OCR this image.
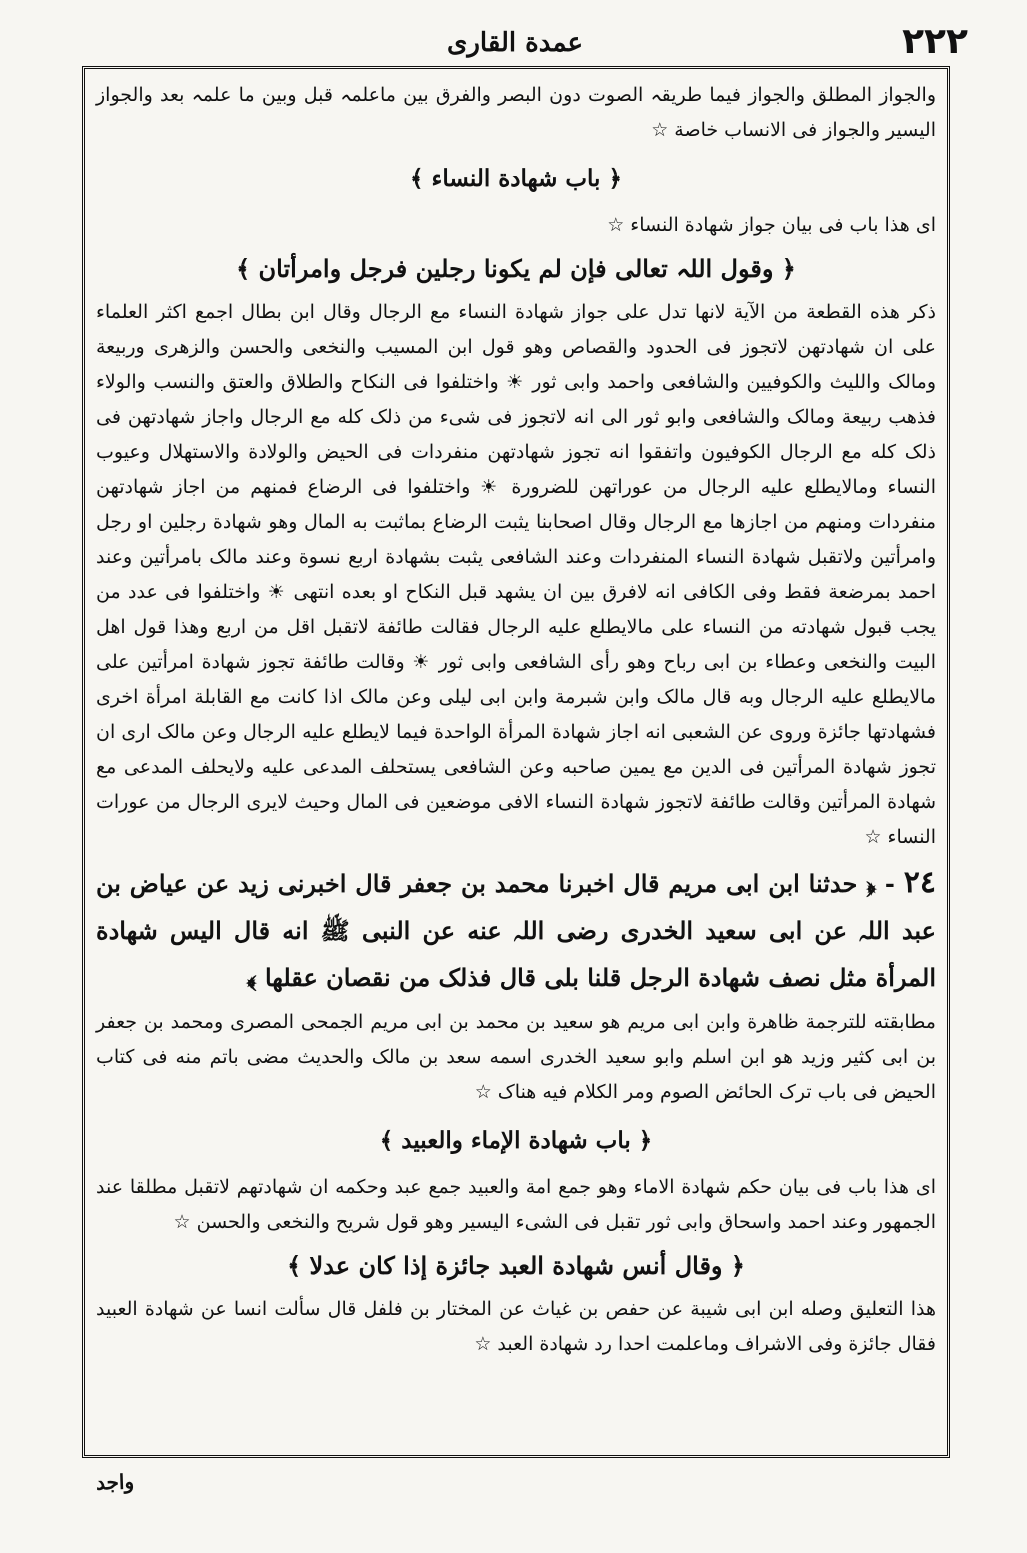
عمدة القاری	٢٢٢

والجواز المطلق والجواز فیما طریقہ الصوت دون البصر والفرق بین ماعلمہ قبل وبین ما علمہ بعد والجواز الیسیر والجواز فی الانساب خاصة ☆

﴿ باب شهادة النساء ﴾

ای هذا باب فی بیان جواز شهادة النساء ☆

﴿ وقول اللہ تعالی فإن لم یکونا رجلین فرجل وامرأتان ﴾

ذکر هذه القطعة من الآیة لانها تدل علی جواز شهادة النساء مع الرجال وقال ابن بطال اجمع اکثر العلماء علی ان شهادتهن لاتجوز فی الحدود والقصاص وهو قول ابن المسیب والنخعی والحسن والزهری وربیعة ومالک والليث والکوفیین والشافعی واحمد وابی ثور ☀ واختلفوا فی النکاح والطلاق والعتق والنسب والولاء فذهب ربیعة ومالک والشافعی وابو ثور الی انه لاتجوز فی شیء من ذلک کله مع الرجال واجاز شهادتهن فی ذلک کله مع الرجال الکوفیون واتفقوا انه تجوز شهادتهن منفردات فی الحیض والولادة والاستهلال وعیوب النساء ومالایطلع علیه الرجال من عوراتهن للضرورة ☀ واختلفوا فی الرضاع فمنهم من اجاز شهادتهن منفردات ومنهم من اجازها مع الرجال وقال اصحابنا یثبت الرضاع بماثبت به المال وهو شهادة رجلین او رجل وامرأتین ولاتقبل شهادة النساء المنفردات وعند الشافعی یثبت بشهادة اربع نسوة وعند مالک بامرأتین وعند احمد بمرضعة فقط وفی الکافی انه لافرق بین ان یشهد قبل النکاح او بعده انتهی ☀ واختلفوا فی عدد من یجب قبول شهادته من النساء علی مالایطلع علیه الرجال فقالت طائفة لاتقبل اقل من اربع وهذا قول اهل البیت والنخعی وعطاء بن ابی رباح وهو رأی الشافعی وابی ثور ☀ وقالت طائفة تجوز شهادة امرأتین علی مالایطلع علیه الرجال وبه قال مالک وابن شبرمة وابن ابی لیلی وعن مالک اذا کانت مع القابلة امرأة اخری فشهادتها جائزة وروی عن الشعبی انه اجاز شهادة المرأة الواحدة فیما لایطلع علیه الرجال وعن مالک اری ان تجوز شهادة المرأتین فی الدین مع یمین صاحبه وعن الشافعی یستحلف المدعی علیه ولایحلف المدعی مع شهادة المرأتین وقالت طائفة لاتجوز شهادة النساء الافی موضعین فی المال وحیث لایری الرجال من عورات النساء ☆

٢٤ - ﴿ حدثنا ابن ابی مریم قال اخبرنا محمد بن جعفر قال اخبرنی زید عن عیاض بن عبد اللہ عن ابی سعید الخدری رضی اللہ عنه عن النبی ﷺ انه قال الیس شهادة المرأة مثل نصف شهادة الرجل قلنا بلی قال فذلک من نقصان عقلها ﴾

مطابقته للترجمة ظاهرة وابن ابی مریم هو سعید بن محمد بن ابی مریم الجمحی المصری ومحمد بن جعفر بن ابی کثیر وزید هو ابن اسلم وابو سعید الخدری اسمه سعد بن مالک والحدیث مضی باتم منه فی کتاب الحیض فی باب ترک الحائض الصوم ومر الکلام فیه هناک ☆

﴿ باب شهادة الإماء والعبید ﴾

ای هذا باب فی بیان حکم شهادة الاماء وهو جمع امة والعبید جمع عبد وحکمه ان شهادتهم لاتقبل مطلقا عند الجمهور وعند احمد واسحاق وابی ثور تقبل فی الشیء الیسیر وهو قول شریح والنخعی والحسن ☆

﴿ وقال أنس شهادة العبد جائزة إذا کان عدلا ﴾

هذا التعلیق وصله ابن ابی شیبة عن حفص بن غیاث عن المختار بن فلفل قال سألت انسا عن شهادة العبید فقال جائزة وفی الاشراف وماعلمت احدا رد شهادة العبد ☆

واجد
